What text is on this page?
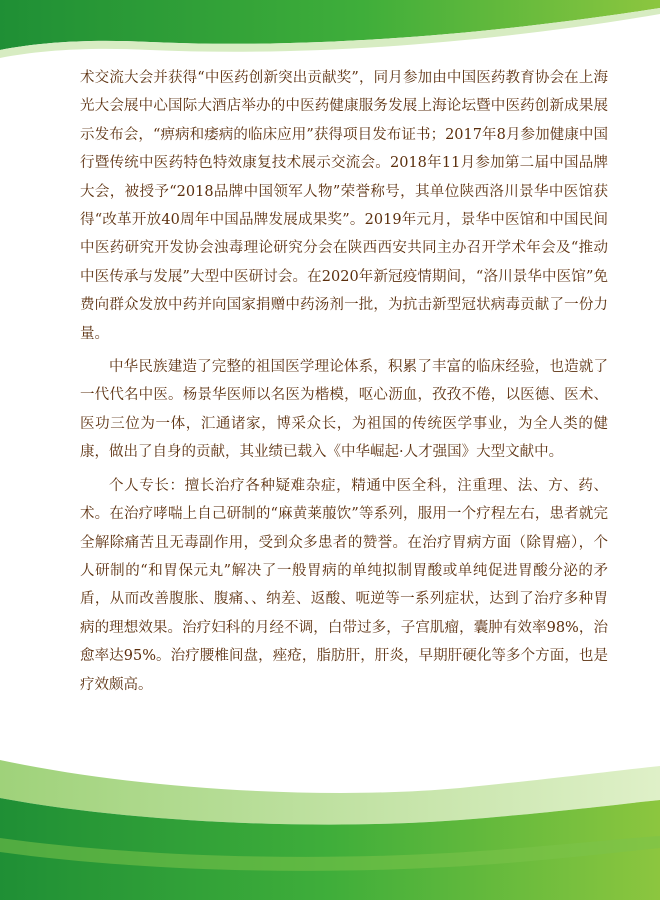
术交流大会并获得“中医药创新突出贡献奖”，同月参加由中国医药教育协会在上海光大会展中心国际大酒店举办的中医药健康服务发展上海论坛暨中医药创新成果展示发布会，“痹病和痿病的临床应用”获得项目发布证书；2017年8月参加健康中国行暨传统中医药特色特效康复技术展示交流会。2018年11月参加第二届中国品牌大会，被授予“2018品牌中国领军人物”荣誉称号，其单位陕西洛川景华中医馆获得“改革开放40周年中国品牌发展成果奖”。2019年元月，景华中医馆和中国民间中医药研究开发协会浊毒理论研究分会在陕西西安共同主办召开学术年会及“推动中医传承与发展”大型中医研讨会。在2020年新冠疫情期间，“洛川景华中医馆”免费向群众发放中药并向国家捐赠中药汤剂一批，为抗击新型冠状病毒贡献了一份力量。

中华民族建造了完整的祖国医学理论体系，积累了丰富的临床经验，也造就了一代代名中医。杨景华医师以名医为楷模，呕心沥血，孜孜不倦，以医德、医术、医功三位为一体，汇通诸家，博采众长，为祖国的传统医学事业，为全人类的健康，做出了自身的贡献，其业绩已载入《中华崛起·人才强国》大型文献中。

个人专长：擅长治疗各种疑难杂症，精通中医全科，注重理、法、方、药、术。在治疗哮喘上自己研制的“麻黄莱菔饮”等系列，服用一个疗程左右，患者就完全解除痛苦且无毒副作用，受到众多患者的赞誉。在治疗胃病方面（除胃癌），个人研制的“和胃保元丸”解决了一般胃病的单纯拟制胃酸或单纯促进胃酸分泌的矛盾，从而改善腹胀、腹痛、、纳差、返酸、呃逆等一系列症状，达到了治疗多种胃病的理想效果。治疗妇科的月经不调，白带过多，子宫肌瘤，囊肿有效率98%，治愈率达95%。治疗腰椎间盘，痤疮，脂肪肝，肝炎，早期肝硬化等多个方面，也是疗效颇高。
